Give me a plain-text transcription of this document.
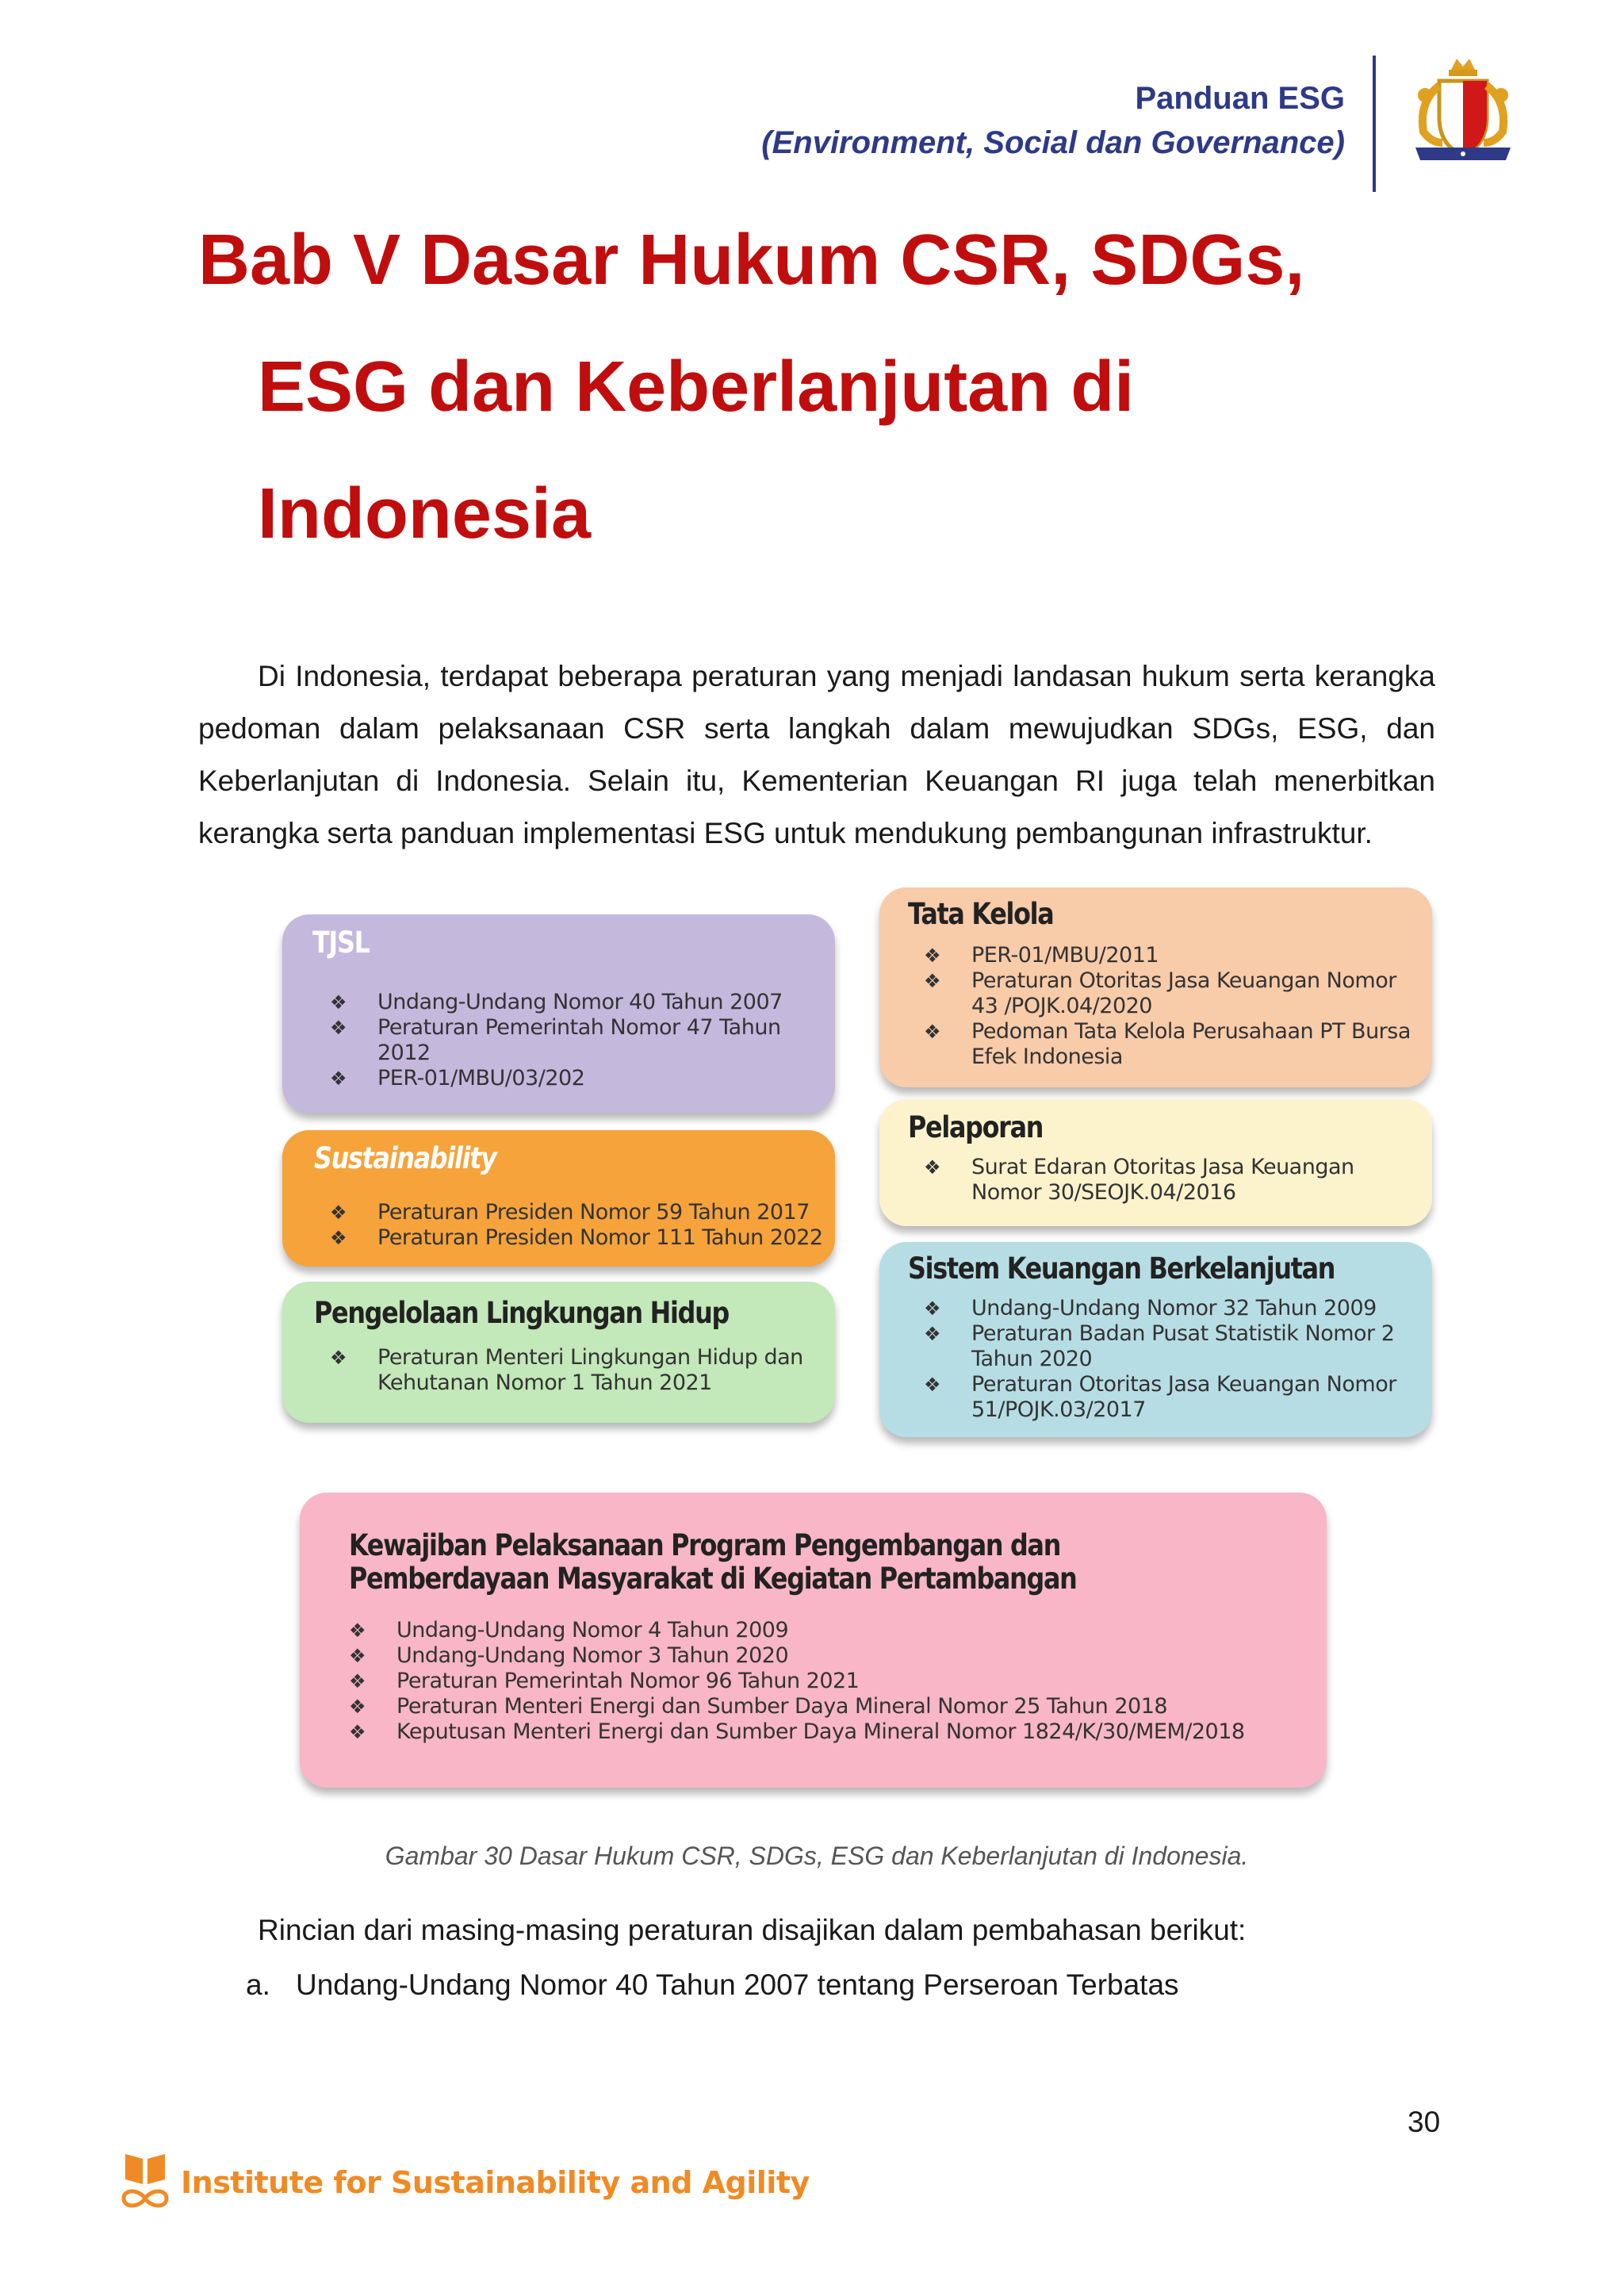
Panduan ESG
(Environment, Social dan Governance)
Bab V Dasar Hukum CSR, SDGs,
ESG dan Keberlanjutan di
Indonesia
Di Indonesia, terdapat beberapa peraturan yang menjadi landasan hukum serta kerangka pedoman dalam pelaksanaan CSR serta langkah dalam mewujudkan SDGs, ESG, dan Keberlanjutan di Indonesia. Selain itu, Kementerian Keuangan RI juga telah menerbitkan kerangka serta panduan implementasi ESG untuk mendukung pembangunan infrastruktur.
TJSL
❖ Undang-Undang Nomor 40 Tahun 2007
❖ Peraturan Pemerintah Nomor 47 Tahun 2012
❖ PER-01/MBU/03/202
Sustainability
❖ Peraturan Presiden Nomor 59 Tahun 2017
❖ Peraturan Presiden Nomor 111 Tahun 2022
Pengelolaan Lingkungan Hidup
❖ Peraturan Menteri Lingkungan Hidup dan Kehutanan Nomor 1 Tahun 2021
Tata Kelola
❖ PER-01/MBU/2011
❖ Peraturan Otoritas Jasa Keuangan Nomor 43 /POJK.04/2020
❖ Pedoman Tata Kelola Perusahaan PT Bursa Efek Indonesia
Pelaporan
❖ Surat Edaran Otoritas Jasa Keuangan Nomor 30/SEOJK.04/2016
Sistem Keuangan Berkelanjutan
❖ Undang-Undang Nomor 32 Tahun 2009
❖ Peraturan Badan Pusat Statistik Nomor 2 Tahun 2020
❖ Peraturan Otoritas Jasa Keuangan Nomor 51/POJK.03/2017
Kewajiban Pelaksanaan Program Pengembangan dan Pemberdayaan Masyarakat di Kegiatan Pertambangan
❖ Undang-Undang Nomor 4 Tahun 2009
❖ Undang-Undang Nomor 3 Tahun 2020
❖ Peraturan Pemerintah Nomor 96 Tahun 2021
❖ Peraturan Menteri Energi dan Sumber Daya Mineral Nomor 25 Tahun 2018
❖ Keputusan Menteri Energi dan Sumber Daya Mineral Nomor 1824/K/30/MEM/2018
Gambar 30 Dasar Hukum CSR, SDGs, ESG dan Keberlanjutan di Indonesia.
Rincian dari masing-masing peraturan disajikan dalam pembahasan berikut:
a. Undang-Undang Nomor 40 Tahun 2007 tentang Perseroan Terbatas
30
Institute for Sustainability and Agility
